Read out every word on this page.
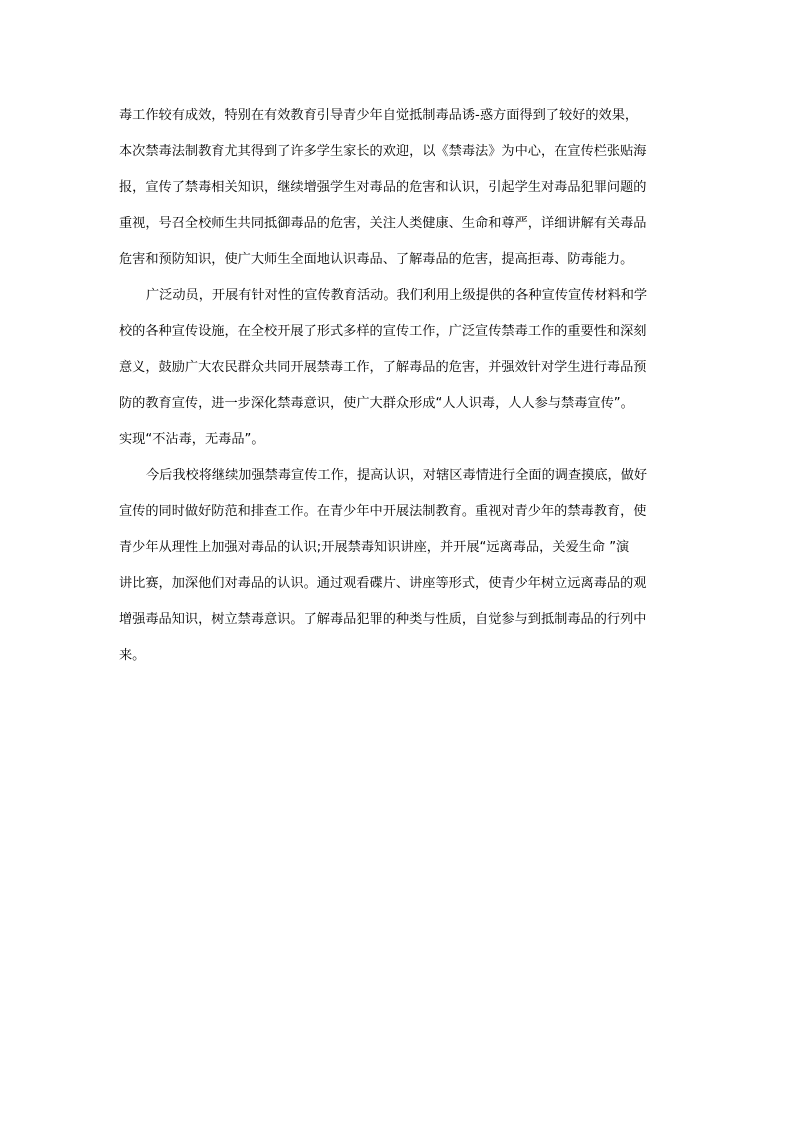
毒工作较有成效，特别在有效教育引导青少年自觉抵制毒品诱-惑方面得到了较好的效果，
本次禁毒法制教育尤其得到了许多学生家长的欢迎，以《禁毒法》为中心，在宣传栏张贴海
报，宣传了禁毒相关知识，继续增强学生对毒品的危害和认识，引起学生对毒品犯罪问题的
重视，号召全校师生共同抵御毒品的危害，关注人类健康、生命和尊严，详细讲解有关毒品
危害和预防知识，使广大师生全面地认识毒品、了解毒品的危害，提高拒毒、防毒能力。
广泛动员，开展有针对性的宣传教育活动。我们利用上级提供的各种宣传宣传材料和学
校的各种宣传设施，在全校开展了形式多样的宣传工作，广泛宣传禁毒工作的重要性和深刻
意义，鼓励广大农民群众共同开展禁毒工作，了解毒品的危害，并强效针对学生进行毒品预
防的教育宣传，进一步深化禁毒意识，使广大群众形成“人人识毒，人人参与禁毒宣传”。
实现“不沾毒，无毒品”。
今后我校将继续加强禁毒宣传工作，提高认识，对辖区毒情进行全面的调查摸底，做好
宣传的同时做好防范和排查工作。在青少年中开展法制教育。重视对青少年的禁毒教育，使
青少年从理性上加强对毒品的认识;开展禁毒知识讲座，并开展“远离毒品，关爱生命 ”演
讲比赛，加深他们对毒品的认识。通过观看碟片、讲座等形式，使青少年树立远离毒品的观
增强毒品知识，树立禁毒意识。了解毒品犯罪的种类与性质，自觉参与到抵制毒品的行列中
来。
